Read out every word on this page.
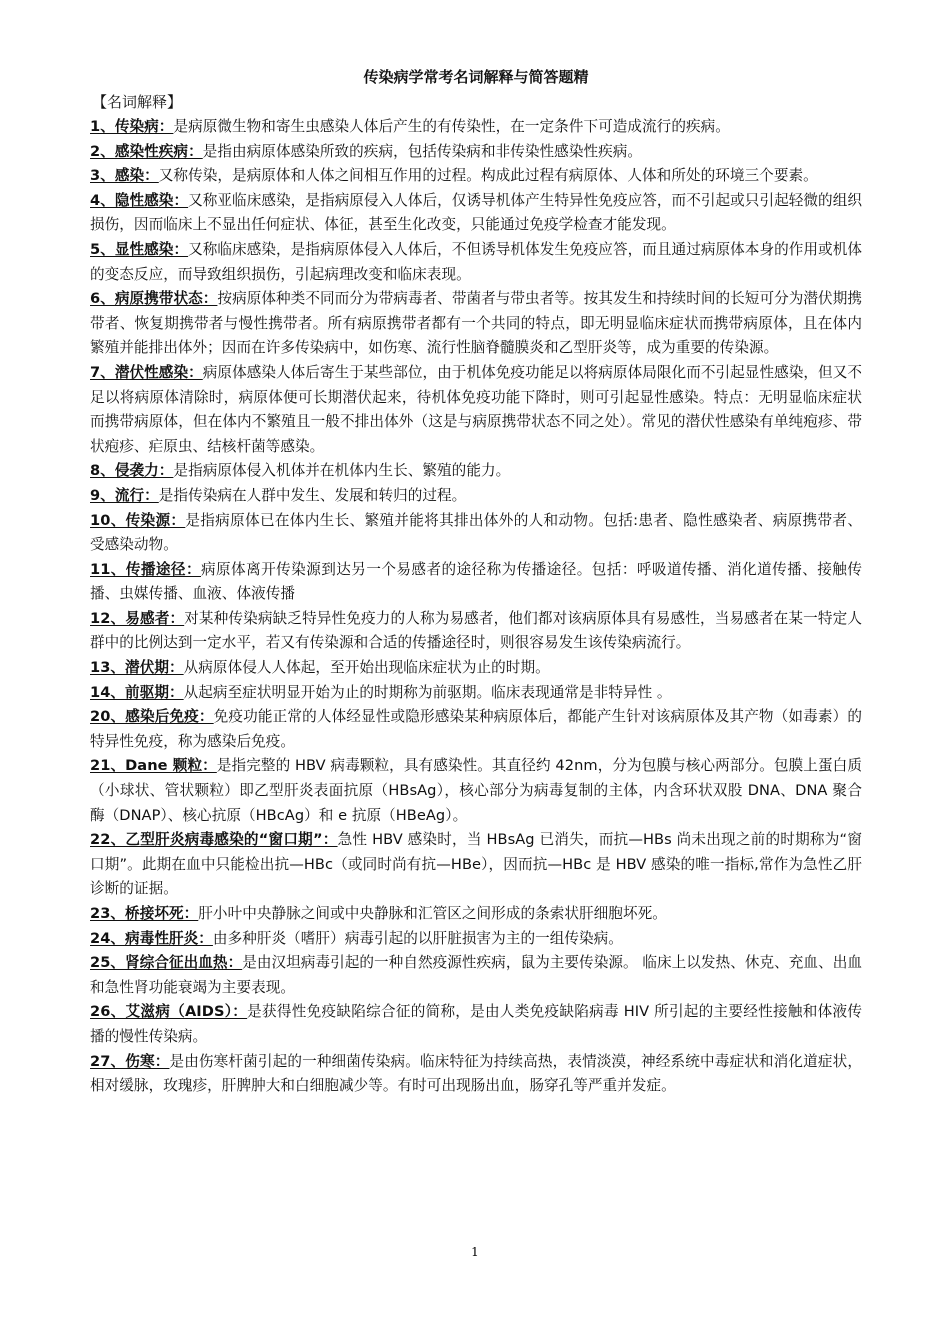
传染病学常考名词解释与简答题精
【名词解释】

1、传染病：是病原微生物和寄生虫感染人体后产生的有传染性，在一定条件下可造成流行的疾病。

2、感染性疾病：是指由病原体感染所致的疾病，包括传染病和非传染性感染性疾病。

3、感染：又称传染，是病原体和人体之间相互作用的过程。构成此过程有病原体、人体和所处的环境三个要素。

4、隐性感染：又称亚临床感染，是指病原侵入人体后，仅诱导机体产生特异性免疫应答，而不引起或只引起轻微的组织损伤，因而临床上不显出任何症状、体征，甚至生化改变，只能通过免疫学检查才能发现。

5、显性感染：又称临床感染，是指病原体侵入人体后，不但诱导机体发生免疫应答，而且通过病原体本身的作用或机体的变态反应，而导致组织损伤，引起病理改变和临床表现。

6、病原携带状态：按病原体种类不同而分为带病毒者、带菌者与带虫者等。按其发生和持续时间的长短可分为潜伏期携带者、恢复期携带者与慢性携带者。所有病原携带者都有一个共同的特点，即无明显临床症状而携带病原体，且在体内繁殖并能排出体外；因而在许多传染病中，如伤寒、流行性脑脊髓膜炎和乙型肝炎等，成为重要的传染源。

7、潜伏性感染：病原体感染人体后寄生于某些部位，由于机体免疫功能足以将病原体局限化而不引起显性感染，但又不足以将病原体清除时，病原体便可长期潜伏起来，待机体免疫功能下降时，则可引起显性感染。特点：无明显临床症状而携带病原体，但在体内不繁殖且一般不排出体外（这是与病原携带状态不同之处）。常见的潜伏性感染有单纯疱疹、带状疱疹、疟原虫、结核杆菌等感染。

8、侵袭力：是指病原体侵入机体并在机体内生长、繁殖的能力。

9、流行：是指传染病在人群中发生、发展和转归的过程。

10、传染源：是指病原体已在体内生长、繁殖并能将其排出体外的人和动物。包括:患者、隐性感染者、病原携带者、受感染动物。

11、传播途径：病原体离开传染源到达另一个易感者的途径称为传播途径。包括：呼吸道传播、消化道传播、接触传播、虫媒传播、血液、体液传播

12、易感者：对某种传染病缺乏特异性免疫力的人称为易感者，他们都对该病原体具有易感性，当易感者在某一特定人群中的比例达到一定水平，若又有传染源和合适的传播途径时，则很容易发生该传染病流行。

13、潜伏期：从病原体侵人人体起，至开始出现临床症状为止的时期。

14、前驱期：从起病至症状明显开始为止的时期称为前驱期。临床表现通常是非特异性 。

20、感染后免疫：免疫功能正常的人体经显性或隐形感染某种病原体后，都能产生针对该病原体及其产物（如毒素）的特异性免疫，称为感染后免疫。

21、Dane 颗粒：是指完整的 HBV 病毒颗粒，具有感染性。其直径约 42nm，分为包膜与核心两部分。包膜上蛋白质（小球状、管状颗粒）即乙型肝炎表面抗原（HBsAg），核心部分为病毒复制的主体，内含环状双股 DNA、DNA 聚合酶（DNAP）、核心抗原（HBcAg）和 e 抗原（HBeAg）。

22、乙型肝炎病毒感染的“窗口期”：急性 HBV 感染时，当 HBsAg 已消失，而抗—HBs 尚未出现之前的时期称为“窗口期”。此期在血中只能检出抗—HBc（或同时尚有抗—HBe），因而抗—HBc 是 HBV 感染的唯一指标,常作为急性乙肝诊断的证据。

23、桥接坏死：肝小叶中央静脉之间或中央静脉和汇管区之间形成的条索状肝细胞坏死。

24、病毒性肝炎：由多种肝炎（嗜肝）病毒引起的以肝脏损害为主的一组传染病。

25、肾综合征出血热：是由汉坦病毒引起的一种自然疫源性疾病，鼠为主要传染源。 临床上以发热、休克、充血、出血和急性肾功能衰竭为主要表现。

26、艾滋病（AIDS）：是获得性免疫缺陷综合征的简称，是由人类免疫缺陷病毒 HIV 所引起的主要经性接触和体液传播的慢性传染病。

27、伤寒：是由伤寒杆菌引起的一种细菌传染病。临床特征为持续高热，表情淡漠，神经系统中毒症状和消化道症状，相对缓脉，玫瑰疹，肝脾肿大和白细胞减少等。有时可出现肠出血，肠穿孔等严重并发症。

1
